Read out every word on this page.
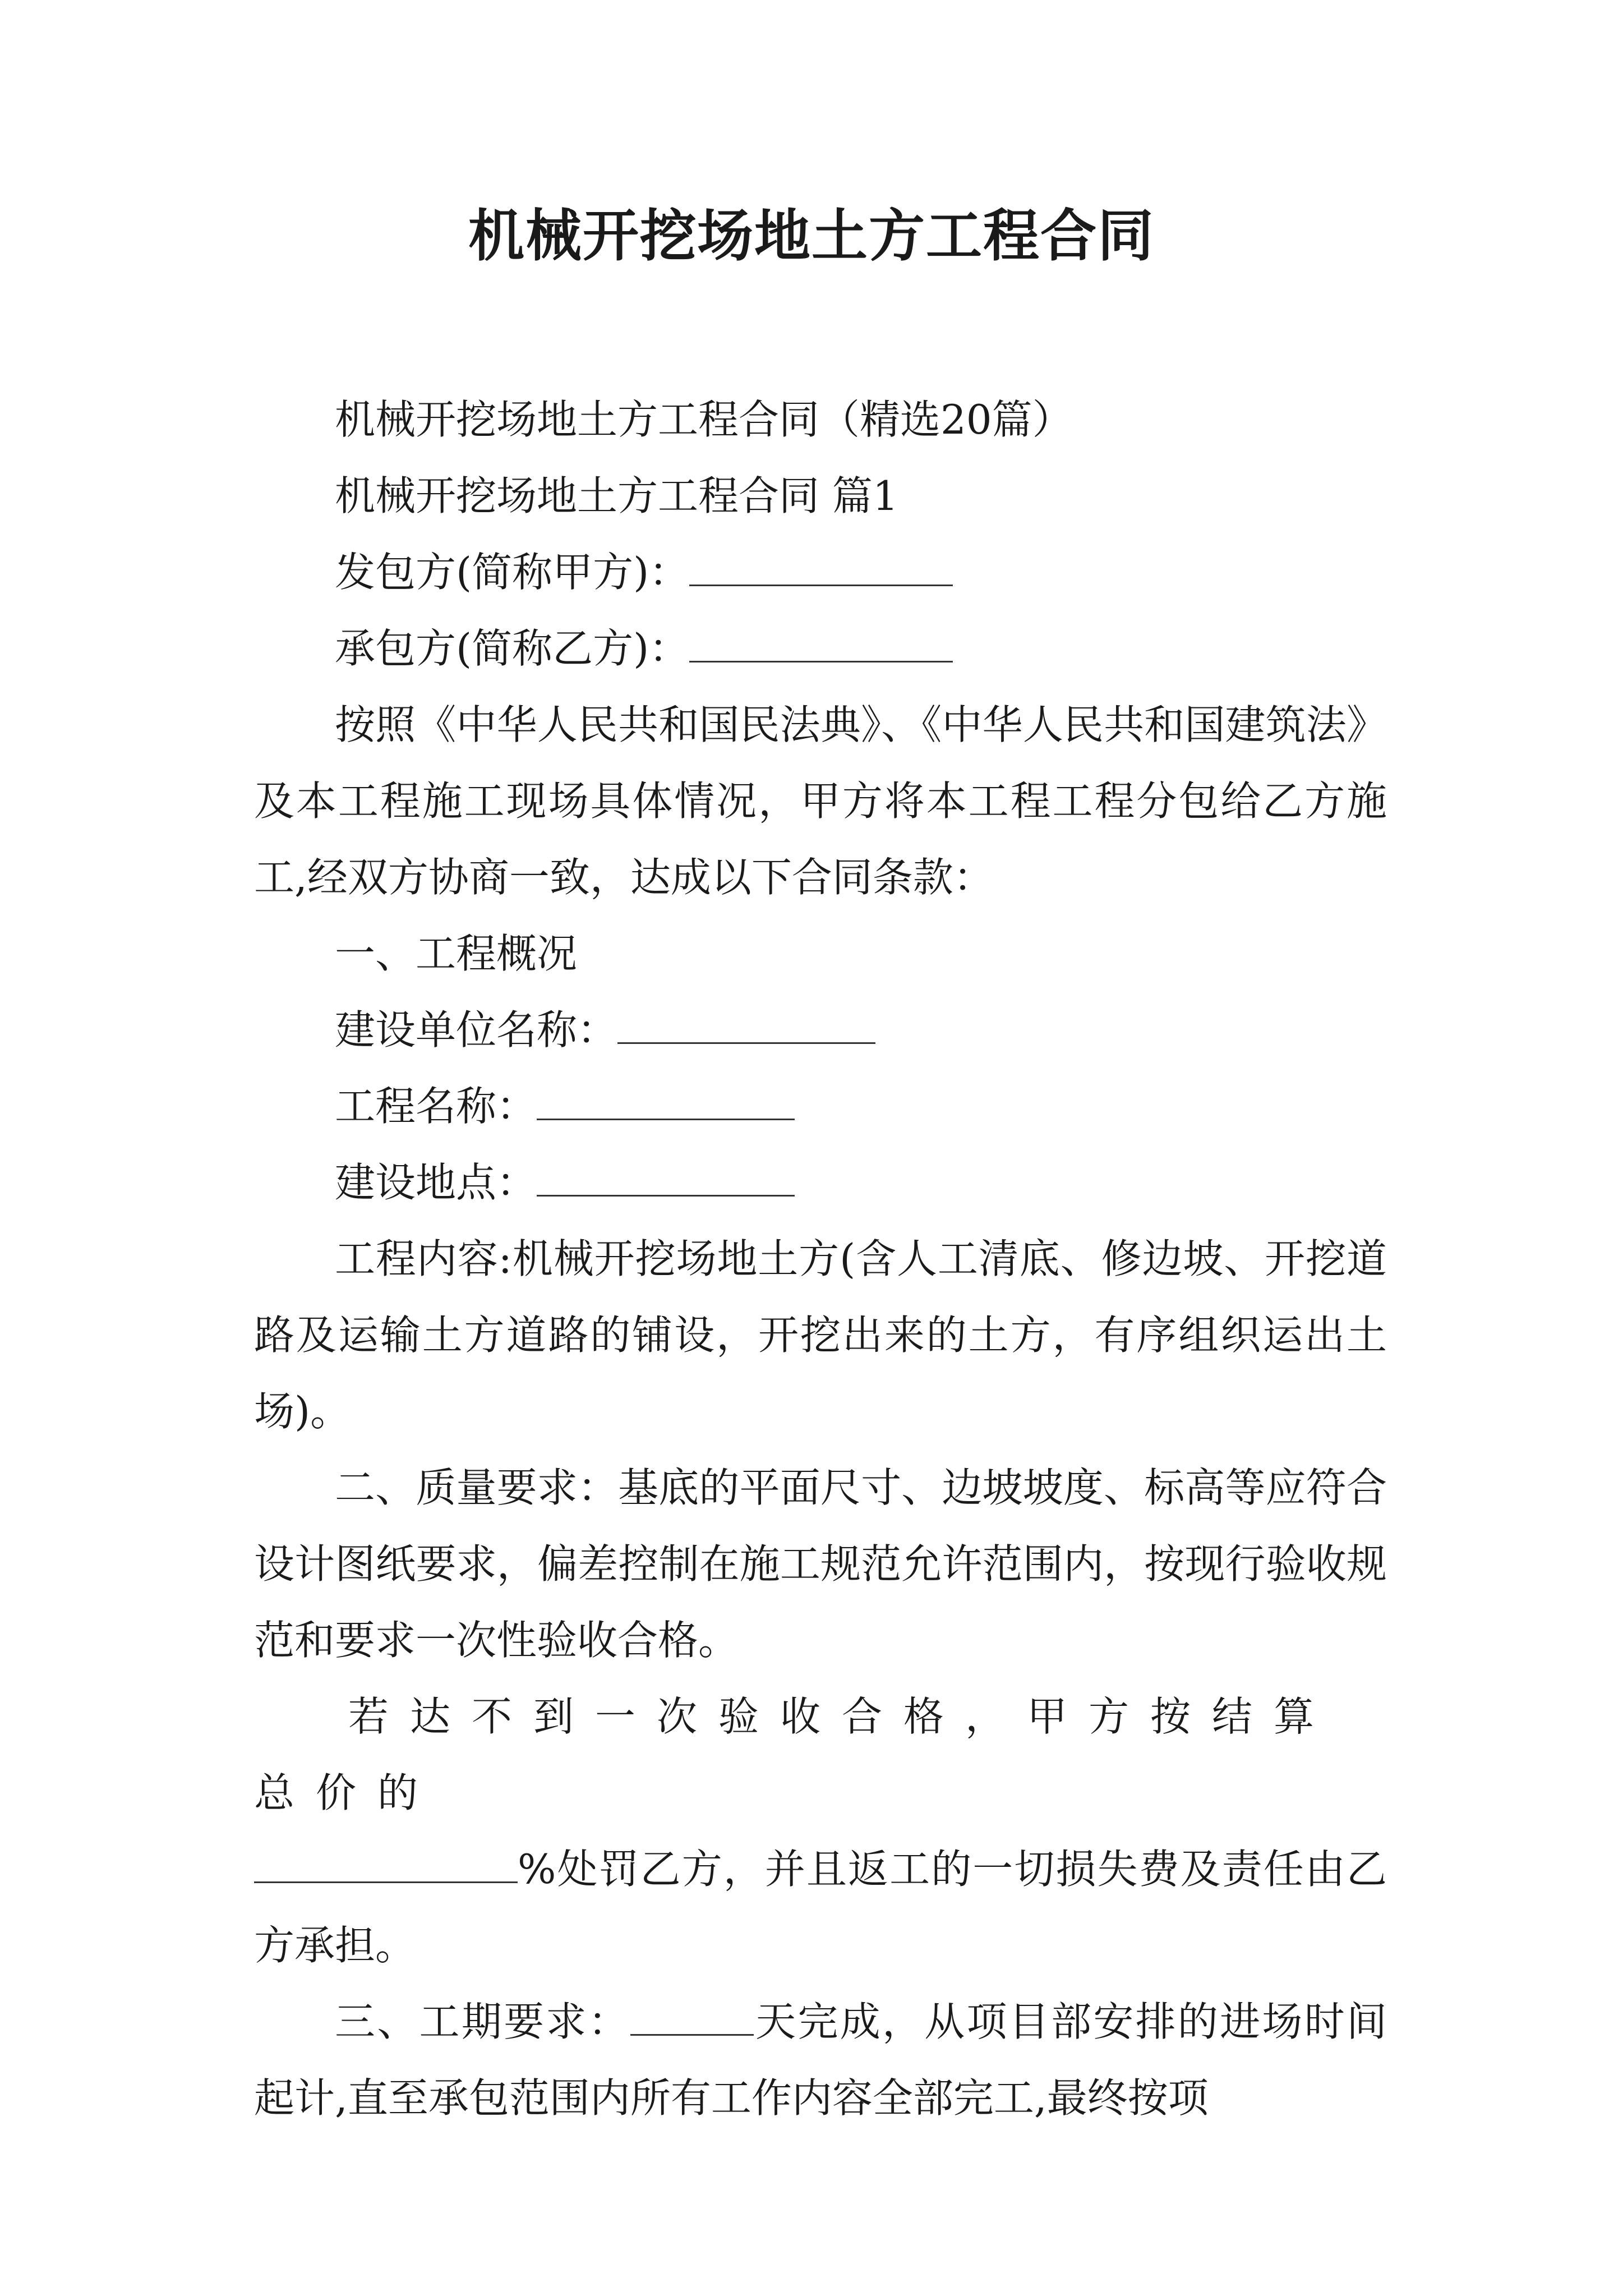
机械开挖场地土方工程合同

机械开挖场地土方工程合同（精选20篇）

机械开挖场地土方工程合同 篇1

发包方(简称甲方)：

承包方(简称乙方)：

按照《中华人民共和国民法典》、《中华人民共和国建筑法》及本工程施工现场具体情况，甲方将本工程工程分包给乙方施工,经双方协商一致，达成以下合同条款：

一、工程概况

建设单位名称：

工程名称：

建设地点：

工程内容:机械开挖场地土方(含人工清底、修边坡、开挖道路及运输土方道路的铺设，开挖出来的土方，有序组织运出土场)。

二、质量要求：基底的平面尺寸、边坡坡度、标高等应符合设计图纸要求，偏差控制在施工规范允许范围内，按现行验收规范和要求一次性验收合格。

若达不到一次验收合格，甲方按结算总价的

%处罚乙方，并且返工的一切损失费及责任由乙方承担。

三、工期要求：	天完成，从项目部安排的进场时间起计,直至承包范围内所有工作内容全部完工,最终按项
